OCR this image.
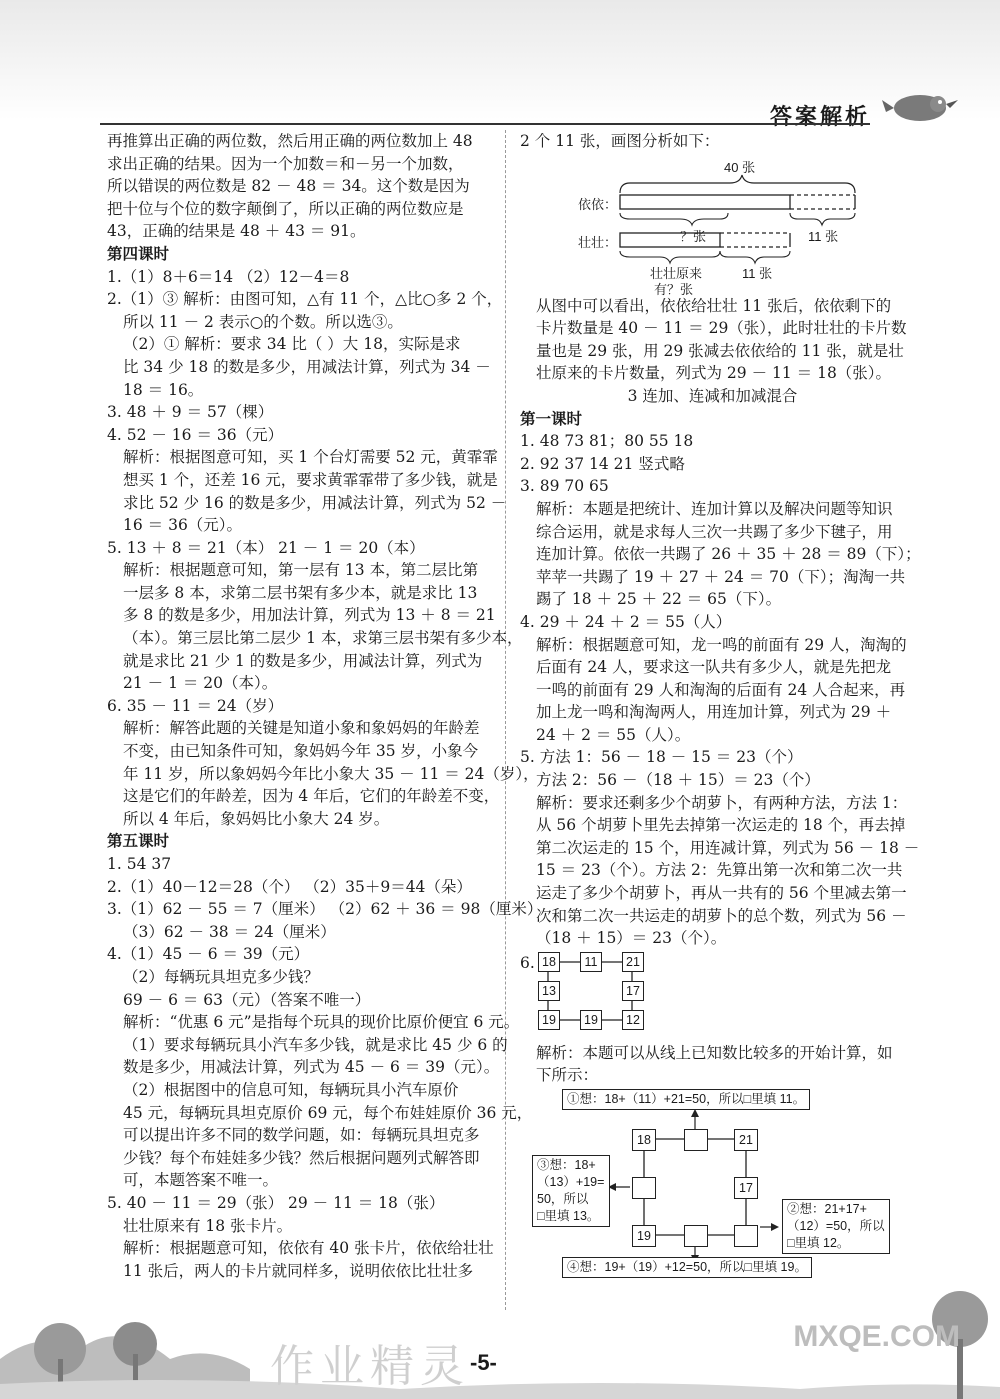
答案解析
再推算出正确的两位数，然后用正确的两位数加上 48
求出正确的结果。因为一个加数＝和－另一个加数，
所以错误的两位数是 82 － 48 ＝ 34。这个数是因为
把十位与个位的数字颠倒了，所以正确的两位数应是
43，正确的结果是 48 ＋ 43 ＝ 91。
第四课时
1.（1）8＋6＝14 （2）12－4＝8
2.（1）③ 解析：由图可知，△有 11 个，△比○多 2 个，
所以 11 － 2 表示○的个数。所以选③。
（2）① 解析：要求 34 比（ ）大 18，实际是求
比 34 少 18 的数是多少，用减法计算，列式为 34 －
18 ＝ 16。
3. 48 ＋ 9 ＝ 57（棵）
4. 52 － 16 ＝ 36（元）
解析：根据图意可知，买 1 个台灯需要 52 元，黄霏霏
想买 1 个，还差 16 元，要求黄霏霏带了多少钱，就是
求比 52 少 16 的数是多少，用减法计算，列式为 52 －
16 ＝ 36（元）。
5. 13 ＋ 8 ＝ 21（本） 21 － 1 ＝ 20（本）
解析：根据题意可知，第一层有 13 本，第二层比第
一层多 8 本，求第二层书架有多少本，就是求比 13
多 8 的数是多少，用加法计算，列式为 13 ＋ 8 ＝ 21
（本）。第三层比第二层少 1 本，求第三层书架有多少本，
就是求比 21 少 1 的数是多少，用减法计算，列式为
21 － 1 ＝ 20（本）。
6. 35 － 11 ＝ 24（岁）
解析：解答此题的关键是知道小象和象妈妈的年龄差
不变，由已知条件可知，象妈妈今年 35 岁，小象今
年 11 岁，所以象妈妈今年比小象大 35 － 11 ＝ 24（岁），
这是它们的年龄差，因为 4 年后，它们的年龄差不变，
所以 4 年后，象妈妈比小象大 24 岁。
第五课时
1. 54 37
2.（1）40－12＝28（个） （2）35＋9＝44（朵）
3.（1）62 － 55 ＝ 7（厘米） （2）62 ＋ 36 ＝ 98（厘米）
（3）62 － 38 ＝ 24（厘米）
4.（1）45 － 6 ＝ 39（元）
（2）每辆玩具坦克多少钱？
69 － 6 ＝ 63（元）（答案不唯一）
解析：“优惠 6 元”是指每个玩具的现价比原价便宜 6 元。
（1）要求每辆玩具小汽车多少钱，就是求比 45 少 6 的
数是多少，用减法计算，列式为 45 － 6 ＝ 39（元）。
（2）根据图中的信息可知，每辆玩具小汽车原价
45 元，每辆玩具坦克原价 69 元，每个布娃娃原价 36 元，
可以提出许多不同的数学问题，如：每辆玩具坦克多
少钱？每个布娃娃多少钱？然后根据问题列式解答即
可，本题答案不唯一。
5. 40 － 11 ＝ 29（张） 29 － 11 ＝ 18（张）
壮壮原来有 18 张卡片。
解析：根据题意可知，依依有 40 张卡片，依依给壮壮
11 张后，两人的卡片就同样多，说明依依比壮壮多
2 个 11 张，画图分析如下：
40 张
依依：
11 张
？张
壮壮：
壮壮原来	11 张
有？张
从图中可以看出，依依给壮壮 11 张后，依依剩下的
卡片数量是 40 － 11 ＝ 29（张），此时壮壮的卡片数
量也是 29 张，用 29 张减去依依给的 11 张，就是壮
壮原来的卡片数量，列式为 29 － 11 ＝ 18（张）。
3 连加、连减和加减混合
第一课时
1. 48 73 81；80 55 18
2. 92 37 14 21 竖式略
3. 89 70 65
解析：本题是把统计、连加计算以及解决问题等知识
综合运用，就是求每人三次一共踢了多少下毽子，用
连加计算。依依一共踢了 26 ＋ 35 ＋ 28 ＝ 89（下）；
苹苹一共踢了 19 ＋ 27 ＋ 24 ＝ 70（下）；淘淘一共
踢了 18 ＋ 25 ＋ 22 ＝ 65（下）。
4. 29 ＋ 24 ＋ 2 ＝ 55（人）
解析：根据题意可知，龙一鸣的前面有 29 人，淘淘的
后面有 24 人，要求这一队共有多少人，就是先把龙
一鸣的前面有 29 人和淘淘的后面有 24 人合起来，再
加上龙一鸣和淘淘两人，用连加计算，列式为 29 ＋
24 ＋ 2 ＝ 55（人）。
5. 方法 1：56 － 18 － 15 ＝ 23（个）
方法 2：56 －（18 ＋ 15）＝ 23（个）
解析：要求还剩多少个胡萝卜，有两种方法，方法 1：
从 56 个胡萝卜里先去掉第一次运走的 18 个，再去掉
第二次运走的 15 个，用连减计算，列式为 56 － 18 －
15 ＝ 23（个）。方法 2：先算出第一次和第二次一共
运走了多少个胡萝卜，再从一共有的 56 个里减去第一
次和第二次一共运走的胡萝卜的总个数，列式为 56 －
（18 ＋ 15）＝ 23（个）。
6. 18	11	21
13	17
19	19	12
解析：本题可以从线上已知数比较多的开始计算，如
下所示：
①想：18+（11）+21=50，所以□里填 11。
18	21
17
19
③想：18+
（13）+19=
50，所以
□里填 13。	②想：21+17+
（12）=50，所以
□里填 12。
④想：19+（19）+12=50，所以□里填 19。
作业精灵
MXQE.COM
-5-
